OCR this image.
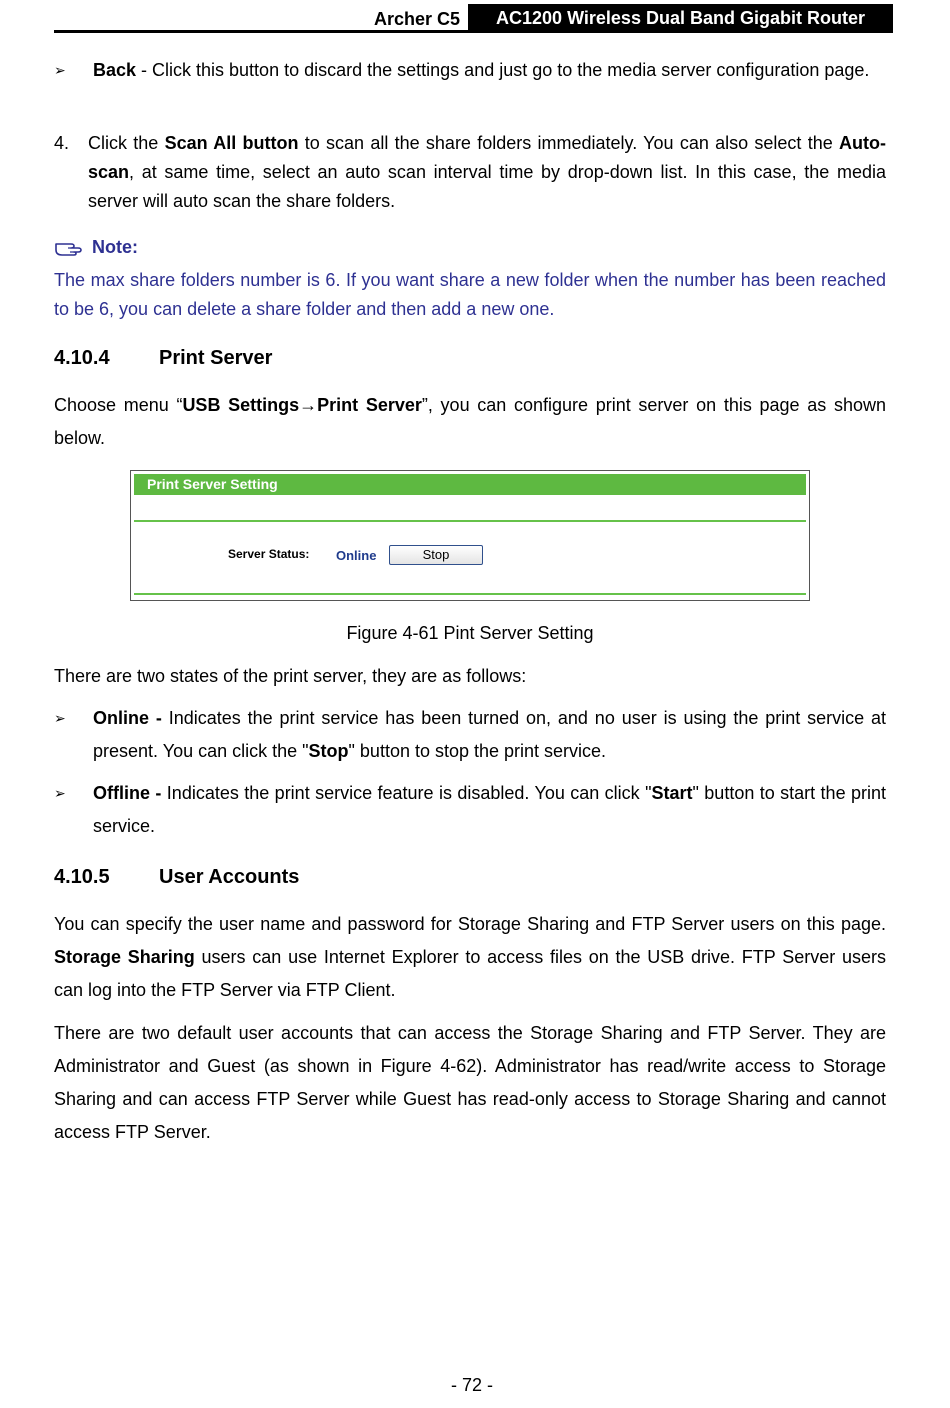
Archer C5	AC1200 Wireless Dual Band Gigabit Router
➢ Back - Click this button to discard the settings and just go to the media server configuration page.

4. Click the Scan All button to scan all the share folders immediately. You can also select the Auto-scan, at same time, select an auto scan interval time by drop-down list. In this case, the media server will auto scan the share folders.

Note:

The max share folders number is 6. If you want share a new folder when the number has been reached to be 6, you can delete a share folder and then add a new one.

4.10.4 Print Server

Choose menu “USB Settings→Print Server”, you can configure print server on this page as shown below.

Print Server Setting
Server Status: Online	Stop
Figure 4-61 Pint Server Setting

There are two states of the print server, they are as follows:

➢ Online - Indicates the print service has been turned on, and no user is using the print service at present. You can click the "Stop" button to stop the print service.

➢ Offline - Indicates the print service feature is disabled. You can click "Start" button to start the print service.

4.10.5 User Accounts

You can specify the user name and password for Storage Sharing and FTP Server users on this page. Storage Sharing users can use Internet Explorer to access files on the USB drive. FTP Server users can log into the FTP Server via FTP Client.

There are two default user accounts that can access the Storage Sharing and FTP Server. They are Administrator and Guest (as shown in Figure 4-62). Administrator has read/write access to Storage Sharing and can access FTP Server while Guest has read-only access to Storage Sharing and cannot access FTP Server.

- 72 -
